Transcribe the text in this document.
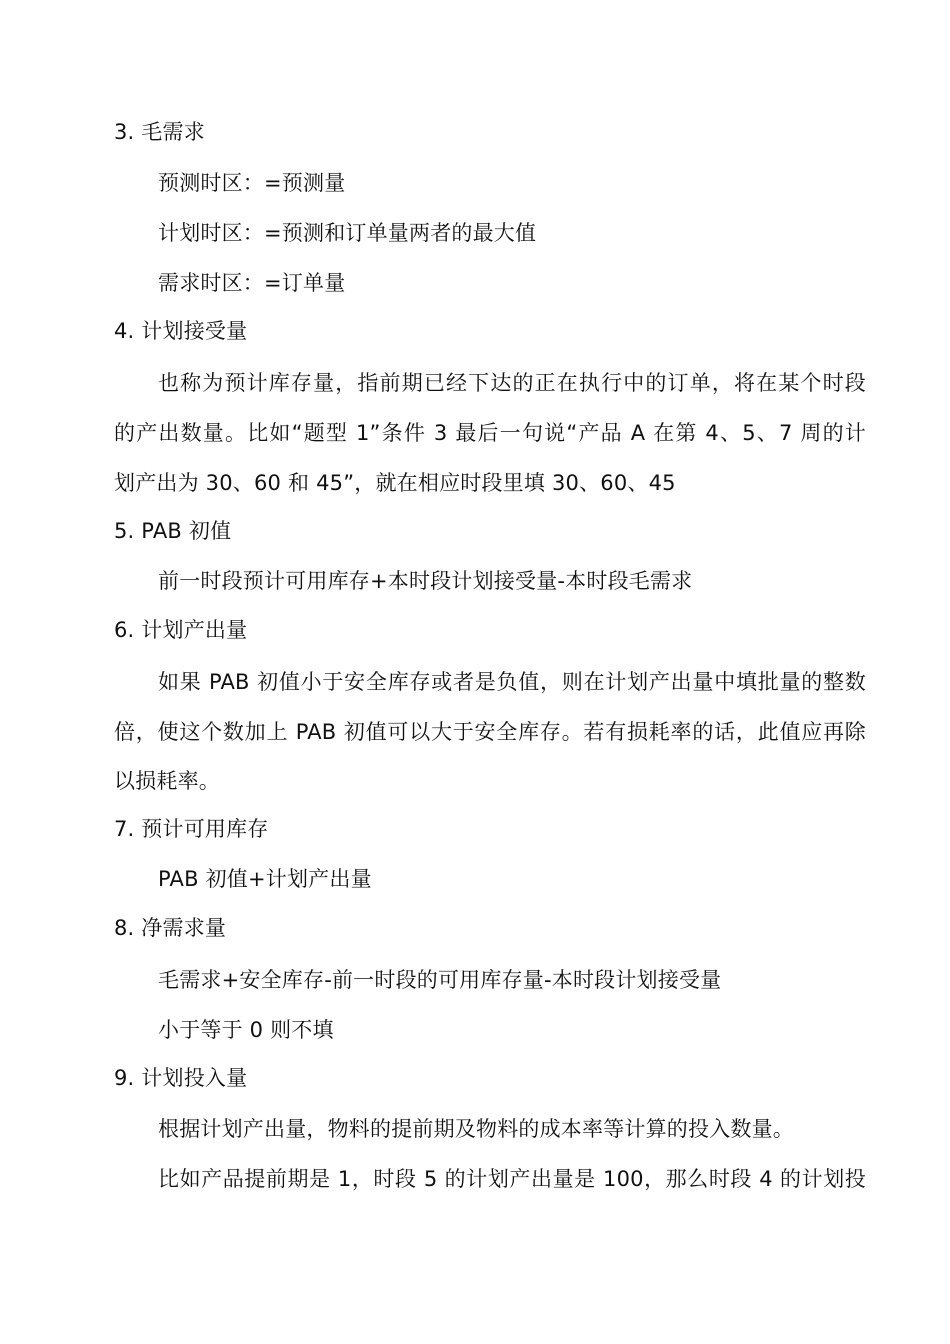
3. 毛需求

预测时区：=预测量

计划时区：=预测和订单量两者的最大值

需求时区：=订单量

4. 计划接受量

也称为预计库存量，指前期已经下达的正在执行中的订单，将在某个时段

的产出数量。比如“题型 1”条件 3 最后一句说“产品 A 在第 4、5、7 周的计

划产出为 30、60 和 45”，就在相应时段里填 30、60、45

5. PAB 初值

前一时段预计可用库存+本时段计划接受量-本时段毛需求

6. 计划产出量

如果 PAB 初值小于安全库存或者是负值，则在计划产出量中填批量的整数

倍，使这个数加上 PAB 初值可以大于安全库存。若有损耗率的话，此值应再除

以损耗率。

7. 预计可用库存

PAB 初值+计划产出量

8. 净需求量

毛需求+安全库存-前一时段的可用库存量-本时段计划接受量

小于等于 0 则不填

9. 计划投入量

根据计划产出量，物料的提前期及物料的成本率等计算的投入数量。

比如产品提前期是 1，时段 5 的计划产出量是 100，那么时段 4 的计划投
